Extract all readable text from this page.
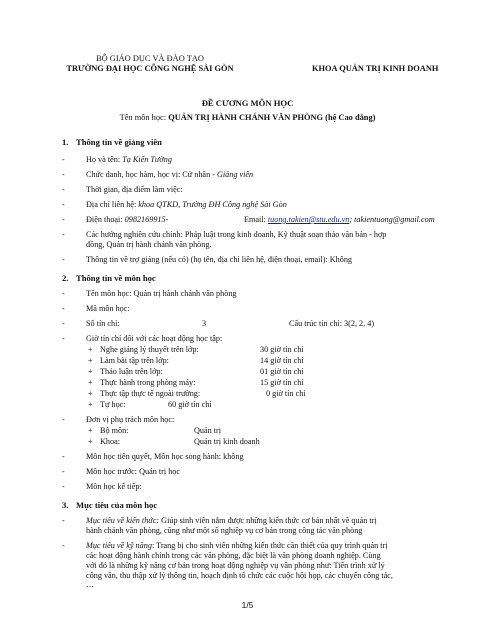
BỘ GIÁO DỤC VÀ ĐÀO TẠO
TRƯỜNG ĐẠI HỌC CÔNG NGHỆ SÀI GÒN	KHOA QUẢN TRỊ KINH DOANH
ĐỀ CƯƠNG MÔN HỌC
Tên môn học: QUẢN TRỊ HÀNH CHÁNH VĂN PHÒNG (hệ Cao đẳng)
1. Thông tin về giảng viên
-	Họ và tên: Tạ Kiến Tường
-	Chức danh, học hàm, học vị: Cử nhân - Giảng viên
-	Thời gian, địa điểm làm việc:
-	Địa chỉ liên hệ: khoa QTKD, Trường ĐH Công nghệ Sài Gòn
-	Điện thoại: 0982169915-	Email: tuong.takien@stu.edu.vn; takientuong@gmail.com
-	Các hướng nghiên cứu chính: Pháp luật trong kinh doanh, Kỹ thuật soạn thảo văn bản - hợp
đồng, Quản trị hành chánh văn phòng.
-	Thông tin về trợ giảng (nếu có) (họ tên, địa chỉ liên hệ, điện thoại, email): Không
2. Thông tin về môn học
-	Tên môn học: Quản trị hành chánh văn phòng
-	Mã môn học:
-	Số tín chỉ:	3	Cấu trúc tín chỉ: 3(2, 2, 4)
-	Giờ tín chỉ đối với các hoạt động học tập:
+ Nghe giảng lý thuyết trên lớp:	30 giờ tín chỉ
+ Làm bài tập trên lớp:	14 giờ tín chỉ
+ Thảo luận trên lớp:	01 giờ tín chỉ
+ Thực hành trong phòng máy:	15 giờ tín chỉ
+ Thực tập thực tế ngoài trường:	0 giờ tín chỉ
+ Tự học:	60 giờ tín chỉ
-	Đơn vị phụ trách môn học:
+ Bộ môn:	Quản trị
+ Khoa:	Quản trị kinh doanh
-	Môn học tiên quyết, Môn học song hành: không
-	Môn học trước: Quản trị học
-	Môn học kế tiếp:
3. Mục tiêu của môn học
-	Mục tiêu về kiến thức: Giúp sinh viên nắm được những kiến thức cơ bản nhất về quản trị
hành chánh văn phòng, cũng như một số nghiệp vụ cơ bản trong công tác văn phòng
-	Mục tiêu về kỹ năng: Trang bị cho sinh viên những kiến thức cần thiết của quy trình quản trị
các hoạt động hành chính trong các văn phòng, đặc biệt là văn phòng doanh nghiệp. Cùng
với đó là những kỹ năng cơ bản trong hoạt động nghiệp vụ văn phòng như: Tiến trình xử lý
công văn, thu thập xử lý thông tin, hoạch định tổ chức các cuộc hội họp, các chuyến công tác,
…
1/5
